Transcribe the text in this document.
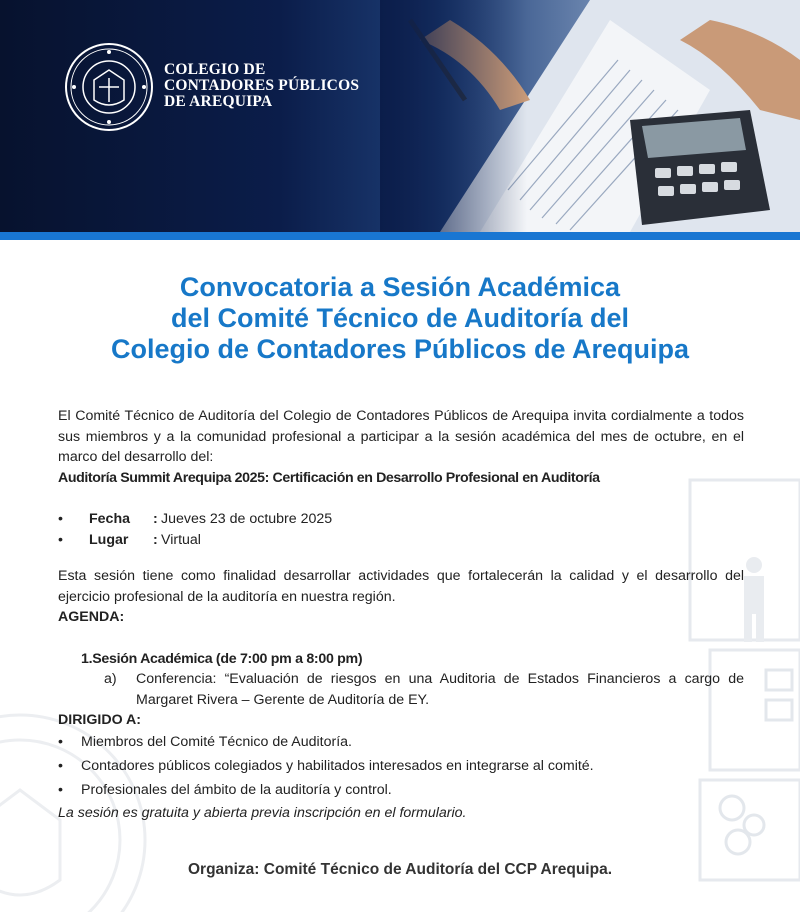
COLEGIO DE
CONTADORES PÚBLICOS
DE AREQUIPA
Convocatoria a Sesión Académica
del Comité Técnico de Auditoría del
Colegio de Contadores Públicos de Arequipa
El Comité Técnico de Auditoría del Colegio de Contadores Públicos de Arequipa invita cordialmente a todos sus miembros y a la comunidad profesional a participar a la sesión académica del mes de octubre, en el marco del desarrollo del:
Auditoría Summit Arequipa 2025: Certificación en Desarrollo Profesional en Auditoría
•	Fecha	: Jueves 23 de octubre 2025
•	Lugar	: Virtual
Esta sesión tiene como finalidad desarrollar actividades que fortalecerán la calidad y el desarrollo del ejercicio profesional de la auditoría en nuestra región.
AGENDA:
1.Sesión Académica (de 7:00 pm a 8:00 pm)
a)	Conferencia: “Evaluación de riesgos en una Auditoria de Estados Financieros a cargo de Margaret Rivera – Gerente de Auditoría de EY.
DIRIGIDO A:
•	Miembros del Comité Técnico de Auditoría.
•	Contadores públicos colegiados y habilitados interesados en integrarse al comité.
•	Profesionales del ámbito de la auditoría y control.
La sesión es gratuita y abierta previa inscripción en el formulario.
Organiza: Comité Técnico de Auditoría del CCP Arequipa.
